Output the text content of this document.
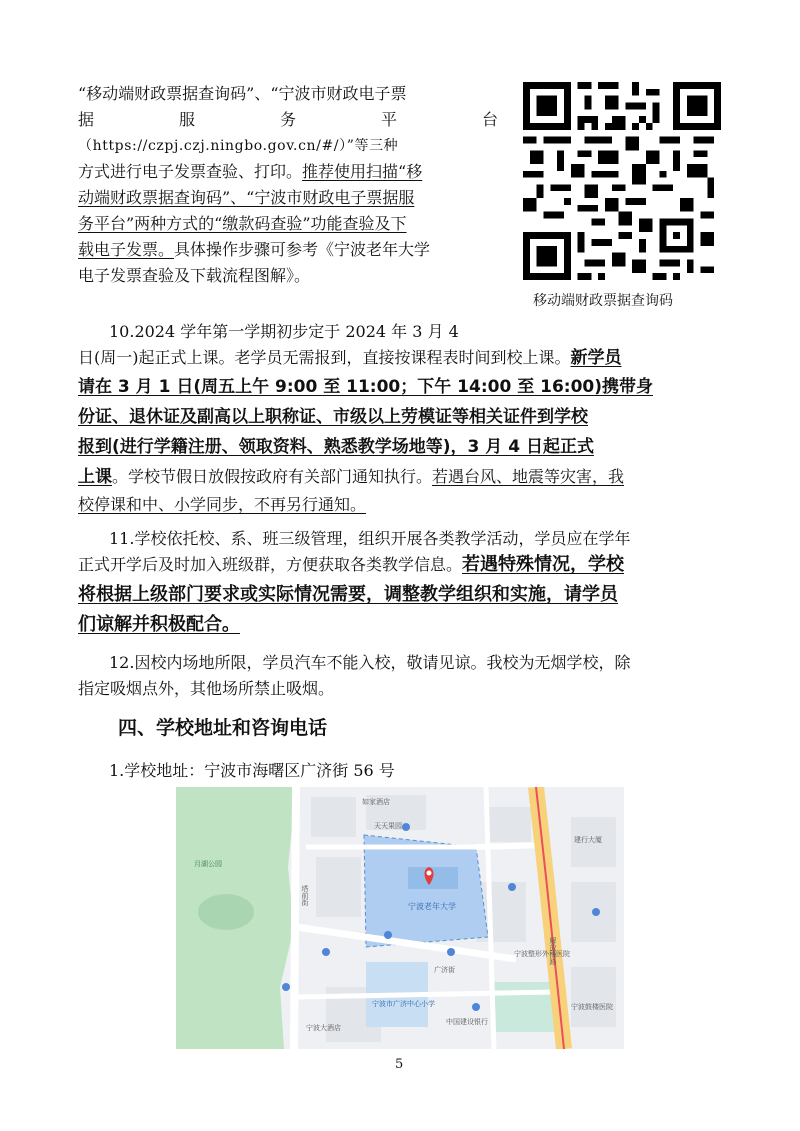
“移动端财政票据查询码”、“宁波市财政电子票
据	服	务	平	台
（https://czpj.czj.ningbo.gov.cn/#/）”等三种
方式进行电子发票查验、打印。推荐使用扫描“移
动端财政票据查询码”、“宁波市财政电子票据服
务平台”两种方式的“缴款码查验”功能查验及下
载电子发票。具体操作步骤可参考《宁波老年大学
电子发票查验及下载流程图解》。
移动端财政票据查询码
10.2024 学年第一学期初步定于 2024 年 3 月 4
日(周一)起正式上课。老学员无需报到，直接按课程表时间到校上课。新学员
请在 3 月 1 日(周五上午 9:00 至 11:00；下午 14:00 至 16:00)携带身
份证、退休证及副高以上职称证、市级以上劳模证等相关证件到学校
报到(进行学籍注册、领取资料、熟悉教学场地等)，3 月 4 日起正式
上课。学校节假日放假按政府有关部门通知执行。若遇台风、地震等灾害，我
校停课和中、小学同步，不再另行通知。
11.学校依托校、系、班三级管理，组织开展各类教学活动，学员应在学年
正式开学后及时加入班级群，方便获取各类教学信息。若遇特殊情况，学校
将根据上级部门要求或实际情况需要，调整教学组织和实施，请学员
们谅解并积极配合。
12.因校内场地所限，学员汽车不能入校，敬请见谅。我校为无烟学校，除
指定吸烟点外，其他场所禁止吸烟。
四、学校地址和咨询电话
1.学校地址：宁波市海曙区广济街 56 号
宁波老年大学
月湖公园
塔前街
解放南路
广济街
中国建设银行
宁波整形外科医院
宁波鼓楼医院
宁波市广济中心小学
如家酒店
天天果园
建行大厦
宁波大酒店
5
